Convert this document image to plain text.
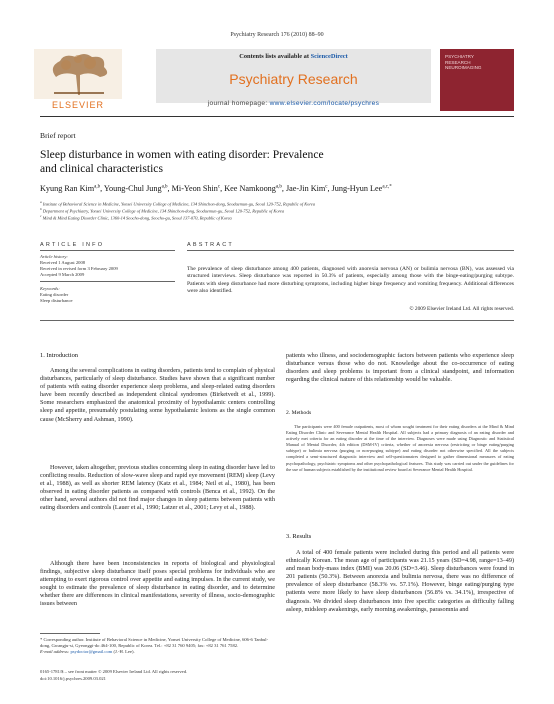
Psychiatry Research 176 (2010) 88–90
ELSEVIER
Contents lists available at ScienceDirect
Psychiatry Research
journal homepage: www.elsevier.com/locate/psychres
PSYCHIATRY
RESEARCH
NEUROIMAGING
Brief report
Sleep disturbance in women with eating disorder: Prevalence
and clinical characteristics
Kyung Ran Kim$^{a,b}$, Young-Chul Jung$^{a,b}$, Mi-Yeon Shin$^c$, Kee Namkoong$^{a,b}$, Jae-Jin Kim$^c$, Jung-Hyun Lee$^{a,c,*}$
$^a$ Institute of Behavioral Science in Medicine, Yonsei University College of Medicine, 134 Shinchon-dong, Seodaemun-gu, Seoul 120-752, Republic of Korea
$^b$ Department of Psychiatry, Yonsei University College of Medicine, 134 Shinchon-dong, Seodaemun-gu, Seoul 120-752, Republic of Korea
$^c$ Mind & Mind Eating Disorder Clinic, 1360-14 Seocho-dong, Seocho-gu, Seoul 137-070, Republic of Korea
ARTICLE INFO
Article history:
Received 1 August 2008
Received in revised form 3 February 2009
Accepted 9 March 2009
Keywords:
Eating disorder
Sleep disturbance
ABSTRACT
The prevalence of sleep disturbance among 400 patients, diagnosed with anorexia nervosa (AN) or bulimia nervosa (BN), was assessed via structured interviews. Sleep disturbance was reported in 50.3% of patients, especially among those with the binge-eating/purging subtype. Patients with sleep disturbance had more disturbing symptoms, including higher binge frequency and vomiting frequency. Additional differences were also identified.
© 2009 Elsevier Ireland Ltd. All rights reserved.
1. Introduction
Among the several complications in eating disorders, patients tend to complain of physical disturbances, particularly of sleep disturbance. Studies have shown that a significant number of patients with eating disorder experience sleep problems, and sleep-related eating disorders have been recently described as independent clinical syndromes (Birketvedt et al., 1999). Some researchers emphasized the anatomical proximity of hypothalamic centers controlling sleep and appetite, presumably postulating some hypothalamic lesions as the single common cause (McSherry and Ashman, 1990).
However, taken altogether, previous studies concerning sleep in eating disorder have led to conflicting results. Reduction of slow-wave sleep and rapid eye movement (REM) sleep (Levy et al., 1988), as well as shorter REM latency (Katz et al., 1984; Neil et al., 1980), has been observed in eating disorder patients as compared with controls (Benca et al., 1992). On the other hand, several authors did not find major changes in sleep patterns between patients with eating disorders and controls (Lauer et al., 1990; Latzer et al., 2001; Levy et al., 1988).
Although there have been inconsistencies in reports of biological and physiological findings, subjective sleep disturbance itself poses special problems for individuals who are attempting to exert rigorous control over appetite and eating impulses. In the current study, we sought to estimate the prevalence of sleep disturbance in eating disorder, and to determine whether there are differences in clinical manifestations, severity of illness, socio-demographic issues between
* Corresponding author. Institute of Behavioral Science in Medicine, Yonsei University College of Medicine, 606-6 Tanbul-dong, Gwangju-si, Gyeonggi-do 464-100, Republic of Korea. Tel.: +82 31 760 9405; fax: +82 31 761 7582.
E-mail address: psydoctor@gmail.com (J.-H. Lee).
0165-1781/$ – see front matter © 2009 Elsevier Ireland Ltd. All rights reserved.
doi:10.1016/j.psychres.2009.03.021
patients who illness, and sociodemographic factors between patients who experience sleep disturbance versus those who do not. Knowledge about the co-occurrence of eating disorders and sleep problems is important from a clinical standpoint, and information regarding the clinical nature of this relationship would be valuable.
2. Methods
The participants were 400 female outpatients, most of whom sought treatment for their eating disorders at the Mind & Mind Eating Disorder Clinic and Severance Mental Health Hospital. All subjects had a primary diagnosis of an eating disorder and actively met criteria for an eating disorder at the time of the interview. Diagnoses were made using Diagnostic and Statistical Manual of Mental Disorder, 4th edition (DSM-IV) criteria, whether of anorexia nervosa (restricting or binge eating/purging subtype) or bulimia nervosa (purging or non-purging subtype) and eating disorder not otherwise specified. All the subjects completed a semi-structured diagnostic interview and self-questionnaires designed to gather dimensional measures of eating psychopathology, psychiatric symptoms and other psychopathological features. This study was carried out under the guidelines for the use of human subjects established by the institutional review board at Severance Mental Health Hospital.
3. Results
A total of 400 female patients were included during this period and all patients were ethnically Korean. The mean age of participants was 21.15 years (SD=4.98, range=13–49) and mean body-mass index (BMI) was 20.06 (SD=3.46). Sleep disturbances were found in 201 patients (50.3%). Between anorexia and bulimia nervosa, there was no difference of prevalence of sleep disturbance (58.3% vs. 57.1%). However, binge eating/purging type patients were more likely to have sleep disturbances (56.8% vs. 34.1%), irrespective of diagnosis. We divided sleep disturbances into five specific categories as difficulty falling asleep, midsleep awakenings, early morning awakenings, parasomnia and
